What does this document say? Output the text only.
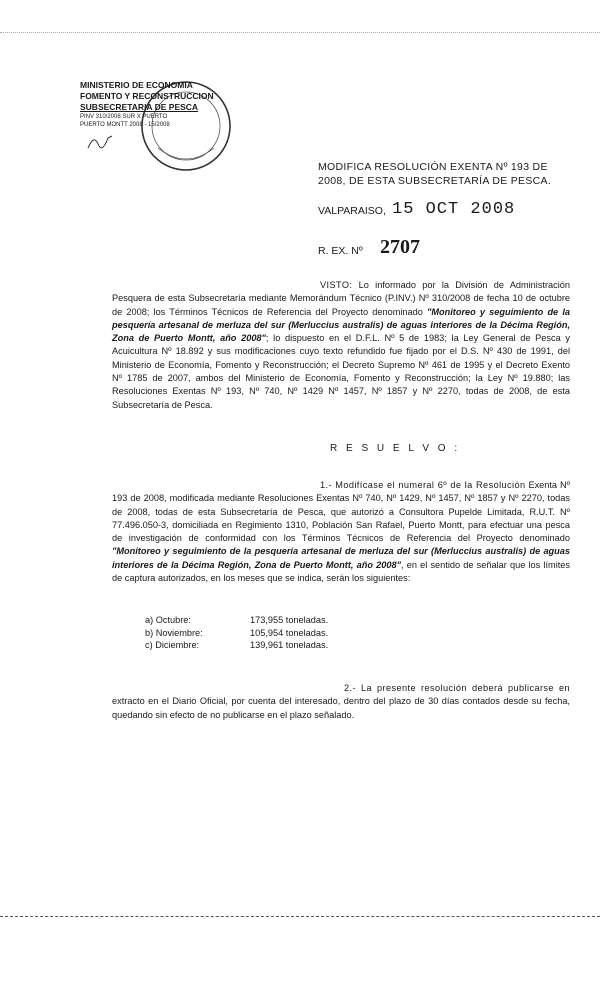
MINISTERIO DE ECONOMIA
FOMENTO Y RECONSTRUCCION
SUBSECRETARIA DE PESCA
PINV 310/2008 SUR X PUERTO
PUERTO MONTT 2008 - 15/2008
MODIFICA RESOLUCIÓN EXENTA Nº 193 DE 2008, DE ESTA SUBSECRETARÍA DE PESCA.
VALPARAISO, 15 OCT 2008
R. EX. Nº 2707
VISTO: Lo informado por la División de Administración Pesquera de esta Subsecretaría mediante Memorándum Técnico (P.INV.) Nº 310/2008 de fecha 10 de octubre de 2008; los Términos Técnicos de Referencia del Proyecto denominado "Monitoreo y seguimiento de la pesquería artesanal de merluza del sur (Merluccius australis) de aguas interiores de la Décima Región, Zona de Puerto Montt, año 2008"; lo dispuesto en el D.F.L. Nº 5 de 1983; la Ley General de Pesca y Acuicultura Nº 18.892 y sus modificaciones cuyo texto refundido fue fijado por el D.S. Nº 430 de 1991, del Ministerio de Economía, Fomento y Reconstrucción; el Decreto Supremo Nº 461 de 1995 y el Decreto Exento Nº 1785 de 2007, ambos del Ministerio de Economía, Fomento y Reconstrucción; la Ley Nº 19.880; las Resoluciones Exentas Nº 193, Nº 740, Nº 1429 Nº 1457, Nº 1857 y Nº 2270, todas de 2008, de esta Subsecretaría de Pesca.
R E S U E L V O :
1.- Modifícase el numeral 6º de la Resolución Exenta Nº 193 de 2008, modificada mediante Resoluciones Exentas Nº 740, Nº 1429, Nº 1457, Nº 1857 y Nº 2270, todas de 2008, todas de esta Subsecretaría de Pesca, que autorizó a Consultora Pupelde Limitada, R.U.T. Nº 77.496.050-3, domiciliada en Regimiento 1310, Población San Rafael, Puerto Montt, para efectuar una pesca de investigación de conformidad con los Términos Técnicos de Referencia del Proyecto denominado "Monitoreo y seguimiento de la pesquería artesanal de merluza del sur (Merluccius australis) de aguas interiores de la Décima Región, Zona de Puerto Montt, año 2008", en el sentido de señalar que los límites de captura autorizados, en los meses que se indica, serán los siguientes:
a) Octubre:	173,955 toneladas.
b) Noviembre:	105,954 toneladas.
c) Diciembre:	139,961 toneladas.
2.- La presente resolución deberá publicarse en extracto en el Diario Oficial, por cuenta del interesado, dentro del plazo de 30 días contados desde su fecha, quedando sin efecto de no publicarse en el plazo señalado.
